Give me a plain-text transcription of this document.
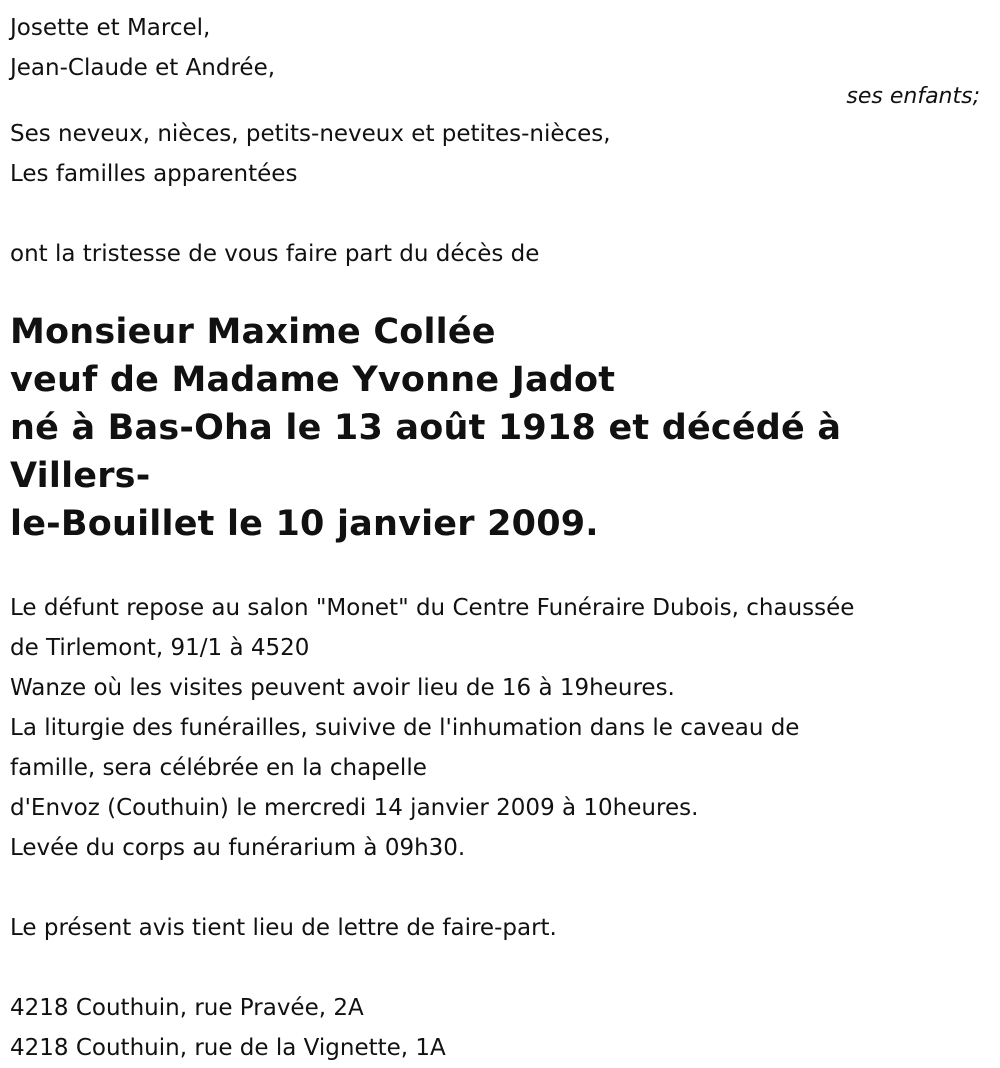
Josette et Marcel,
Jean-Claude et Andrée,
ses enfants;
Ses neveux, nièces, petits-neveux et petites-nièces,
Les familles apparentées
ont la tristesse de vous faire part du décès de
Monsieur Maxime Collée
veuf de Madame Yvonne Jadot
né à Bas-Oha le 13 août 1918 et décédé à Villers-
le-Bouillet le 10 janvier 2009.
Le défunt repose au salon "Monet" du Centre Funéraire Dubois, chaussée
de Tirlemont, 91/1 à 4520
Wanze où les visites peuvent avoir lieu de 16 à 19heures.
La liturgie des funérailles, suivive de l'inhumation dans le caveau de
famille, sera célébrée en la chapelle
d'Envoz (Couthuin) le mercredi 14 janvier 2009 à 10heures.
Levée du corps au funérarium à 09h30.
Le présent avis tient lieu de lettre de faire-part.
4218 Couthuin, rue Pravée, 2A
4218 Couthuin, rue de la Vignette, 1A
